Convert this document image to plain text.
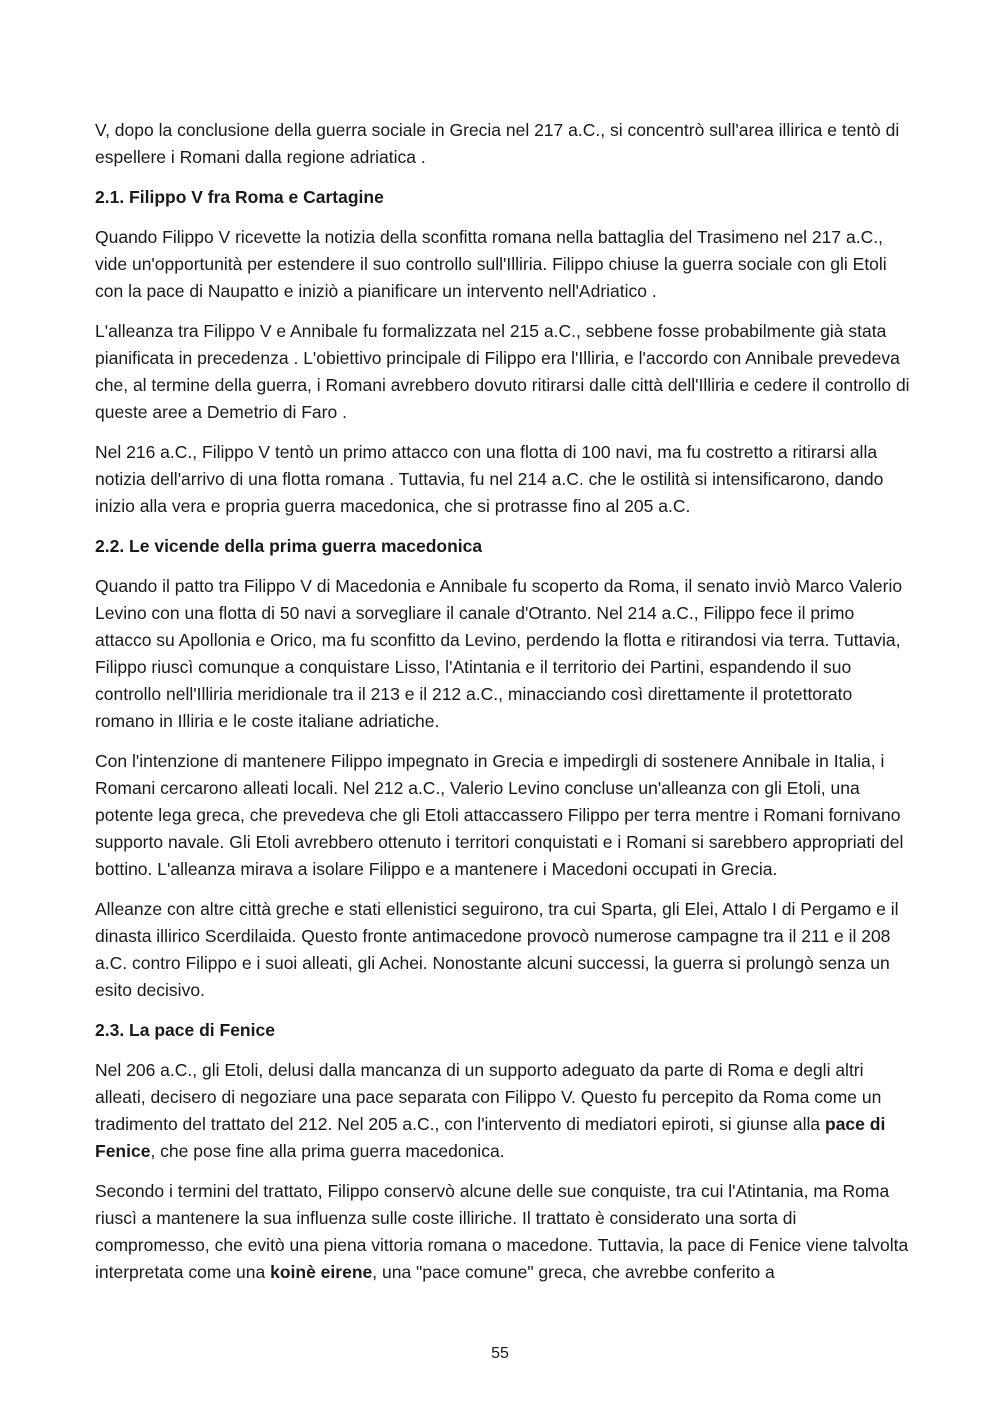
V, dopo la conclusione della guerra sociale in Grecia nel 217 a.C., si concentrò sull'area illirica e tentò di espellere i Romani dalla regione adriatica .

2.1. Filippo V fra Roma e Cartagine

Quando Filippo V ricevette la notizia della sconfitta romana nella battaglia del Trasimeno nel 217 a.C., vide un'opportunità per estendere il suo controllo sull'Illiria. Filippo chiuse la guerra sociale con gli Etoli con la pace di Naupatto e iniziò a pianificare un intervento nell'Adriatico .

L'alleanza tra Filippo V e Annibale fu formalizzata nel 215 a.C., sebbene fosse probabilmente già stata pianificata in precedenza . L'obiettivo principale di Filippo era l'Illiria, e l'accordo con Annibale prevedeva che, al termine della guerra, i Romani avrebbero dovuto ritirarsi dalle città dell'Illiria e cedere il controllo di queste aree a Demetrio di Faro .

Nel 216 a.C., Filippo V tentò un primo attacco con una flotta di 100 navi, ma fu costretto a ritirarsi alla notizia dell'arrivo di una flotta romana . Tuttavia, fu nel 214 a.C. che le ostilità si intensificarono, dando inizio alla vera e propria guerra macedonica, che si protrasse fino al 205 a.C.

2.2. Le vicende della prima guerra macedonica

Quando il patto tra Filippo V di Macedonia e Annibale fu scoperto da Roma, il senato inviò Marco Valerio Levino con una flotta di 50 navi a sorvegliare il canale d'Otranto. Nel 214 a.C., Filippo fece il primo attacco su Apollonia e Orico, ma fu sconfitto da Levino, perdendo la flotta e ritirandosi via terra. Tuttavia, Filippo riuscì comunque a conquistare Lisso, l'Atintania e il territorio dei Partini, espandendo il suo controllo nell'Illiria meridionale tra il 213 e il 212 a.C., minacciando così direttamente il protettorato romano in Illiria e le coste italiane adriatiche.

Con l'intenzione di mantenere Filippo impegnato in Grecia e impedirgli di sostenere Annibale in Italia, i Romani cercarono alleati locali. Nel 212 a.C., Valerio Levino concluse un'alleanza con gli Etoli, una potente lega greca, che prevedeva che gli Etoli attaccassero Filippo per terra mentre i Romani fornivano supporto navale. Gli Etoli avrebbero ottenuto i territori conquistati e i Romani si sarebbero appropriati del bottino. L'alleanza mirava a isolare Filippo e a mantenere i Macedoni occupati in Grecia.

Alleanze con altre città greche e stati ellenistici seguirono, tra cui Sparta, gli Elei, Attalo I di Pergamo e il dinasta illirico Scerdilaida. Questo fronte antimacedone provocò numerose campagne tra il 211 e il 208 a.C. contro Filippo e i suoi alleati, gli Achei. Nonostante alcuni successi, la guerra si prolungò senza un esito decisivo.

2.3. La pace di Fenice

Nel 206 a.C., gli Etoli, delusi dalla mancanza di un supporto adeguato da parte di Roma e degli altri alleati, decisero di negoziare una pace separata con Filippo V. Questo fu percepito da Roma come un tradimento del trattato del 212. Nel 205 a.C., con l'intervento di mediatori epiroti, si giunse alla pace di Fenice, che pose fine alla prima guerra macedonica.

Secondo i termini del trattato, Filippo conservò alcune delle sue conquiste, tra cui l'Atintania, ma Roma riuscì a mantenere la sua influenza sulle coste illiriche. Il trattato è considerato una sorta di compromesso, che evitò una piena vittoria romana o macedone. Tuttavia, la pace di Fenice viene talvolta interpretata come una koinè eirene, una "pace comune" greca, che avrebbe conferito a

55
